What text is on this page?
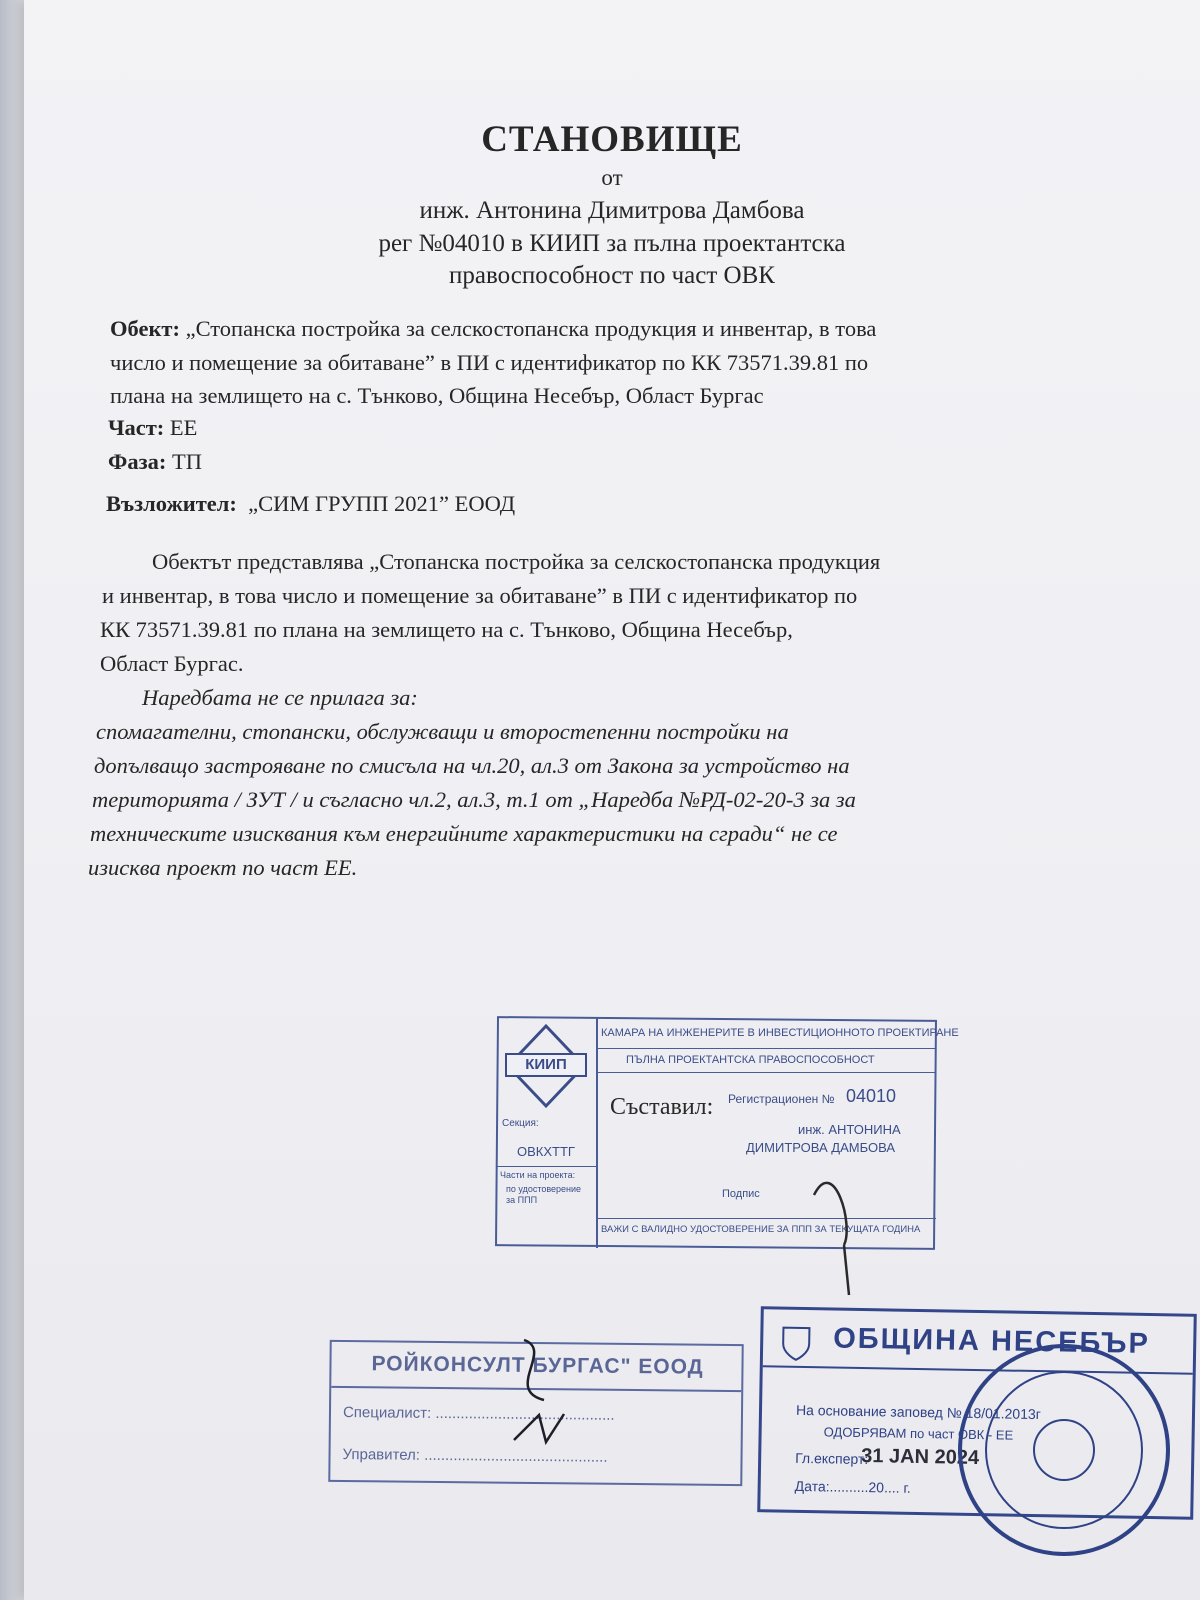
СТАНОВИЩЕ
от
инж. Антонина Димитрова Дамбова
рег №04010 в КИИП за пълна проектантска
правоспособност по част ОВК
Обект: „Стопанска постройка за селскостопанска продукция и инвентар, в това
число и помещение за обитаване” в ПИ с идентификатор по КК 73571.39.81 по
плана на землището на с. Тънково, Община Несебър, Област Бургас
Част: ЕЕ
Фаза: ТП
Възложител: „СИМ ГРУПП 2021” ЕООД
Обектът представлява „Стопанска постройка за селскостопанска продукция
и инвентар, в това число и помещение за обитаване” в ПИ с идентификатор по
КК 73571.39.81 по плана на землището на с. Тънково, Община Несебър,
Област Бургас.
Наредбата не се прилага за:
спомагателни, стопански, обслужващи и второстепенни постройки на
допълващо застрояване по смисъла на чл.20, ал.3 от Закона за устройство на
територията / ЗУТ / и съгласно чл.2, ал.3, т.1 от „Наредба №РД-02-20-3 за за
техническите изисквания към енергийните характеристики на сгради“ не се
изисква проект по част ЕЕ.
КИИП
Секция:
ОВКХТТГ
Части на проекта:
по удостоверение за ППП
КАМАРА НА ИНЖЕНЕРИТЕ В ИНВЕСТИЦИОННОТО ПРОЕКТИРАНЕ
ПЪЛНА ПРОЕКТАНТСКА ПРАВОСПОСОБНОСТ
Регистрационен № 04010
инж. АНТОНИНА
ДИМИТРОВА ДАМБОВА
Подпис
ВАЖИ С ВАЛИДНО УДОСТОВЕРЕНИЕ ЗА ППП ЗА ТЕКУЩАТА ГОДИНА
Съставил:
РОЙКОНСУЛТ БУРГАС" ЕООД
Специалист: ...........................................
Управител: ............................................
ОБЩИНА НЕСЕБЪР
На основание заповед № 18/01.2013г
ОДОБРЯВАМ по част ОВК - ЕЕ
Гл.експерт:
31 JAN 2024
Дата:..........20.... г.
